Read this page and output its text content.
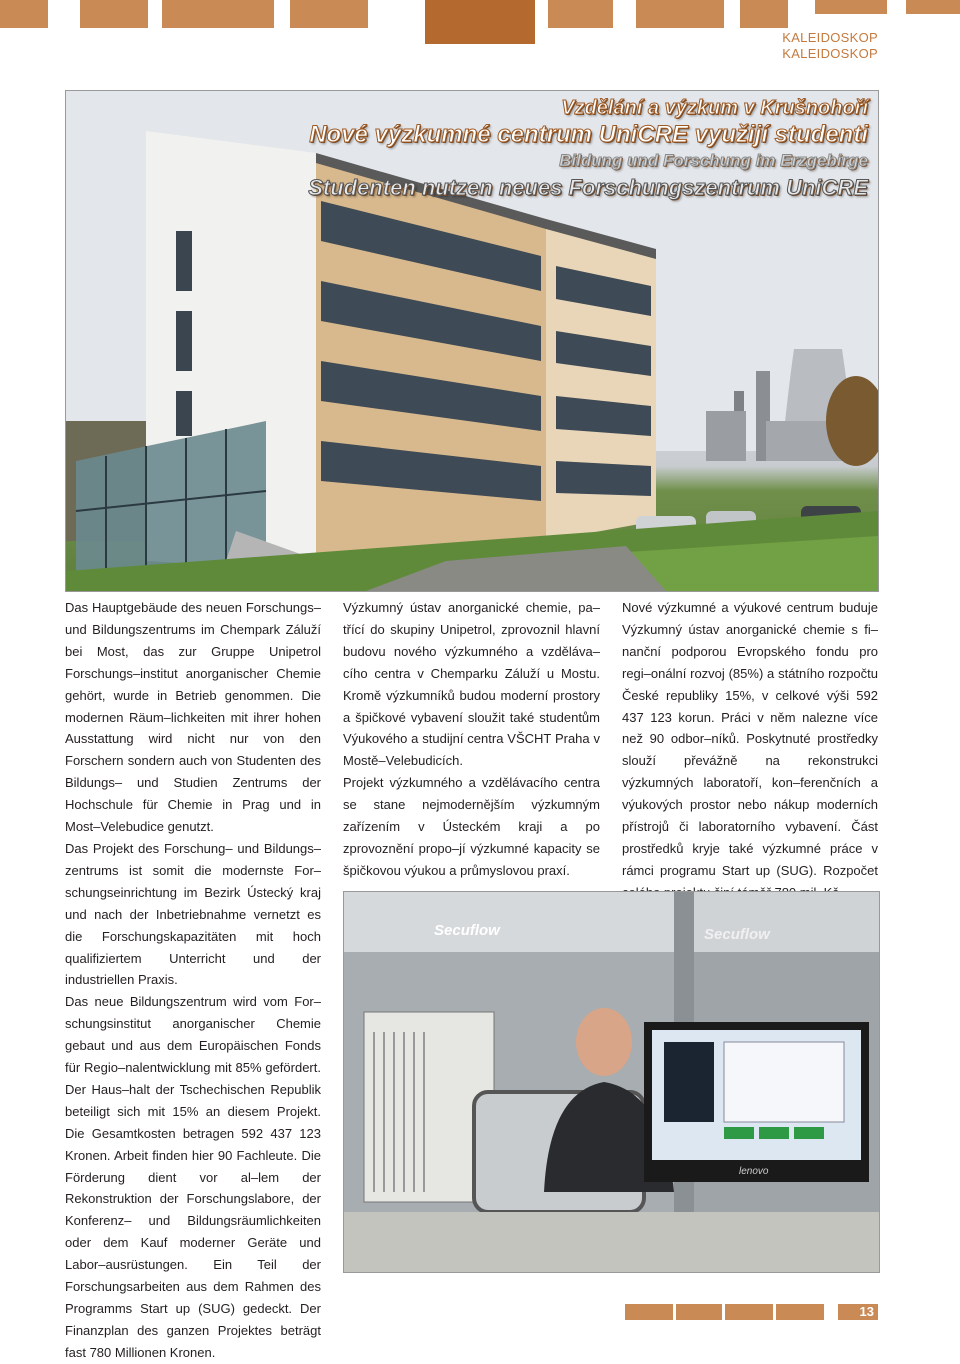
KALEIDOSKOP
KALEIDOSKOP
Vzdělání a výzkum v Krušnohoří
Nové výzkumné centrum UniCRE využijí studenti
Bildung und Forschung im Erzgebirge
Studenten nutzen neues Forschungszentrum UniCRE

Das Hauptgebäude des neuen Forschungs– und Bildungszentrums im Chempark Záluží bei Most, das zur Gruppe Unipetrol Forschungs–institut anorganischer Chemie gehört, wurde in Betrieb genommen. Die modernen Räum–lichkeiten mit ihrer hohen Ausstattung wird nicht nur von den Forschern sondern auch von Studenten des Bildungs– und Studien Zentrums der Hochschule für Chemie in Prag und in Most–Velebudice genutzt.

Das Projekt des Forschung– und Bildungs–zentrums ist somit die modernste For–schungseinrichtung im Bezirk Ústecký kraj und nach der Inbetriebnahme vernetzt es die Forschungskapazitäten mit hoch qualifiziertem Unterricht und der industriellen Praxis.

Das neue Bildungszentrum wird vom For–schungsinstitut anorganischer Chemie gebaut und aus dem Europäischen Fonds für Regio–nalentwicklung mit 85% gefördert. Der Haus–halt der Tschechischen Republik beteiligt sich mit 15% an diesem Projekt. Die Gesamtkosten betragen 592 437 123 Kronen. Arbeit finden hier 90 Fachleute. Die Förderung dient vor al–lem der Rekonstruktion der Forschungslabore, der Konferenz– und Bildungsräumlichkeiten oder dem Kauf moderner Geräte und Labor–ausrüstungen. Ein Teil der Forschungsarbeiten aus dem Rahmen des Programms Start up (SUG) gedeckt. Der Finanzplan des ganzen Projektes beträgt fast 780 Millionen Kronen.

Výzkumný ústav anorganické chemie, pa–třící do skupiny Unipetrol, zprovoznil hlavní budovu nového výzkumného a vzděláva–cího centra v Chemparku Záluží u Mostu. Kromě výzkumníků budou moderní prostory a špičkové vybavení sloužit také studentům Výukového a studijní centra VŠCHT Praha v Mostě–Velebudicích.

Projekt výzkumného a vzdělávacího centra se stane nejmodernějším výzkumným zařízením v Ústeckém kraji a po zprovoznění propo–jí výzkumné kapacity se špičkovou výukou a průmyslovou praxí.

Nové výzkumné a výukové centrum buduje Výzkumný ústav anorganické chemie s fi–nanční podporou Evropského fondu pro regi–onální rozvoj (85%) a státního rozpočtu České republiky 15%, v celkové výši 592 437 123 korun. Práci v něm nalezne více než 90 odbor–níků. Poskytnuté prostředky slouží převážně na rekonstrukci výzkumných laboratoří, kon–ferenčních a výukových prostor nebo nákup moderních přístrojů či laboratorního vybavení. Část prostředků kryje také výzkumné práce v rámci programu Start up (SUG). Rozpočet

Secuflow	Secuflow
lenovo
13
